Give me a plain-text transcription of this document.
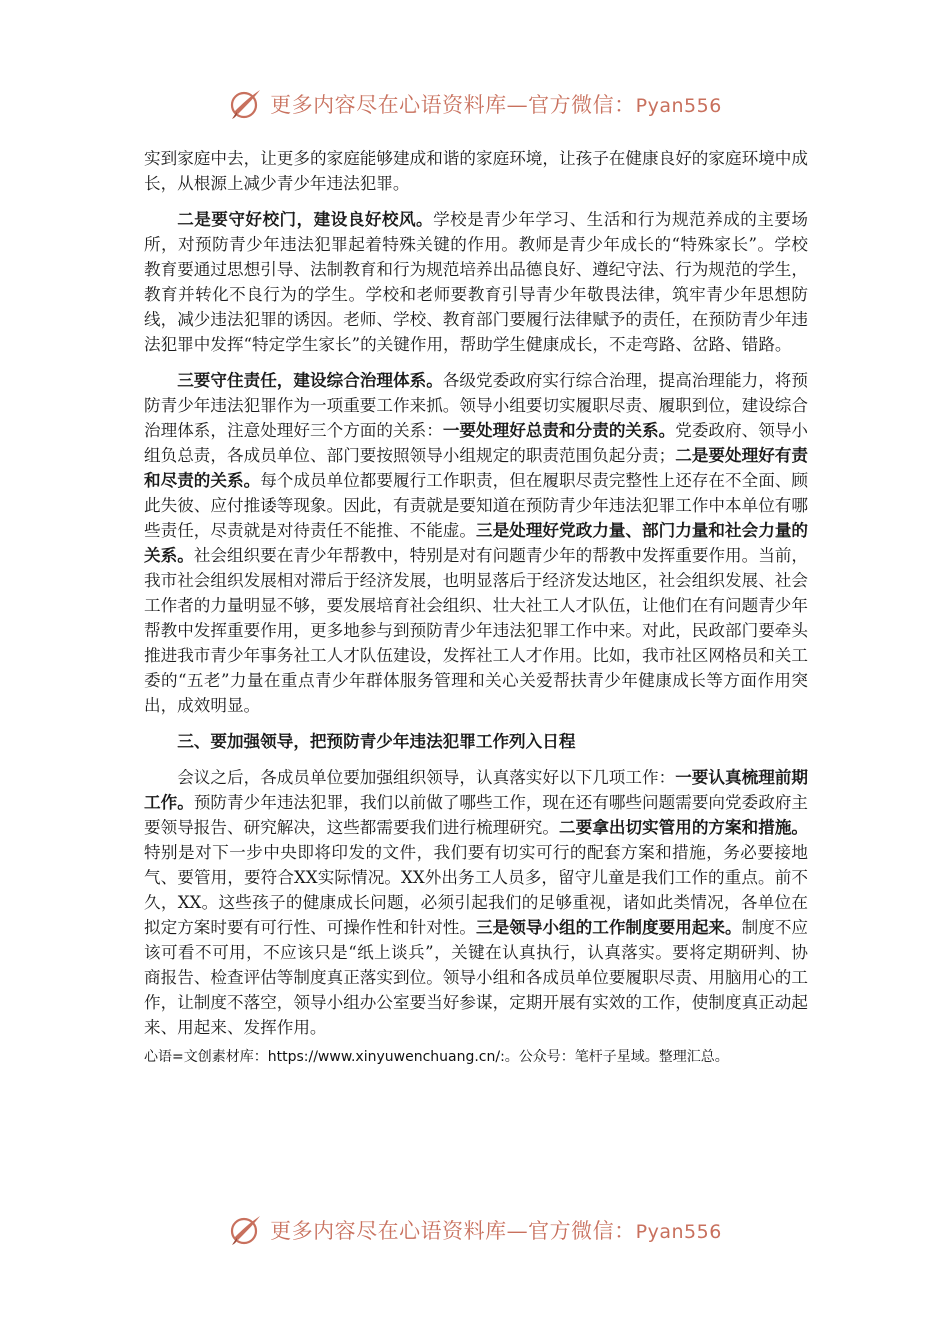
更多内容尽在心语资料库—官方微信：Pyan556

实到家庭中去，让更多的家庭能够建成和谐的家庭环境，让孩子在健康良好的家庭环境中成长，从根源上减少青少年违法犯罪。

二是要守好校门，建设良好校风。学校是青少年学习、生活和行为规范养成的主要场所，对预防青少年违法犯罪起着特殊关键的作用。教师是青少年成长的“特殊家长”。学校教育要通过思想引导、法制教育和行为规范培养出品德良好、遵纪守法、行为规范的学生，教育并转化不良行为的学生。学校和老师要教育引导青少年敬畏法律，筑牢青少年思想防线，减少违法犯罪的诱因。老师、学校、教育部门要履行法律赋予的责任，在预防青少年违法犯罪中发挥“特定学生家长”的关键作用，帮助学生健康成长，不走弯路、岔路、错路。

三要守住责任，建设综合治理体系。各级党委政府实行综合治理，提高治理能力，将预防青少年违法犯罪作为一项重要工作来抓。领导小组要切实履职尽责、履职到位，建设综合治理体系，注意处理好三个方面的关系：一要处理好总责和分责的关系。党委政府、领导小组负总责，各成员单位、部门要按照领导小组规定的职责范围负起分责；二是要处理好有责和尽责的关系。每个成员单位都要履行工作职责，但在履职尽责完整性上还存在不全面、顾此失彼、应付推诿等现象。因此，有责就是要知道在预防青少年违法犯罪工作中本单位有哪些责任，尽责就是对待责任不能推、不能虚。三是处理好党政力量、部门力量和社会力量的关系。社会组织要在青少年帮教中，特别是对有问题青少年的帮教中发挥重要作用。当前，我市社会组织发展相对滞后于经济发展，也明显落后于经济发达地区，社会组织发展、社会工作者的力量明显不够，要发展培育社会组织、壮大社工人才队伍，让他们在有问题青少年帮教中发挥重要作用，更多地参与到预防青少年违法犯罪工作中来。对此，民政部门要牵头推进我市青少年事务社工人才队伍建设，发挥社工人才作用。比如，我市社区网格员和关工委的“五老”力量在重点青少年群体服务管理和关心关爱帮扶青少年健康成长等方面作用突出，成效明显。

三、要加强领导，把预防青少年违法犯罪工作列入日程

会议之后，各成员单位要加强组织领导，认真落实好以下几项工作：一要认真梳理前期工作。预防青少年违法犯罪，我们以前做了哪些工作，现在还有哪些问题需要向党委政府主要领导报告、研究解决，这些都需要我们进行梳理研究。二要拿出切实管用的方案和措施。特别是对下一步中央即将印发的文件，我们要有切实可行的配套方案和措施，务必要接地气、要管用，要符合XX实际情况。XX外出务工人员多，留守儿童是我们工作的重点。前不久，XX。这些孩子的健康成长问题，必须引起我们的足够重视，诸如此类情况，各单位在拟定方案时要有可行性、可操作性和针对性。三是领导小组的工作制度要用起来。制度不应该可看不可用，不应该只是“纸上谈兵”，关键在认真执行，认真落实。要将定期研判、协商报告、检查评估等制度真正落实到位。领导小组和各成员单位要履职尽责、用脑用心的工作，让制度不落空，领导小组办公室要当好参谋，定期开展有实效的工作，使制度真正动起来、用起来、发挥作用。

心语=文创素材库：https://www.xinyuwenchuang.cn/:。公众号：笔杆子星域。整理汇总。
更多内容尽在心语资料库—官方微信：Pyan556
